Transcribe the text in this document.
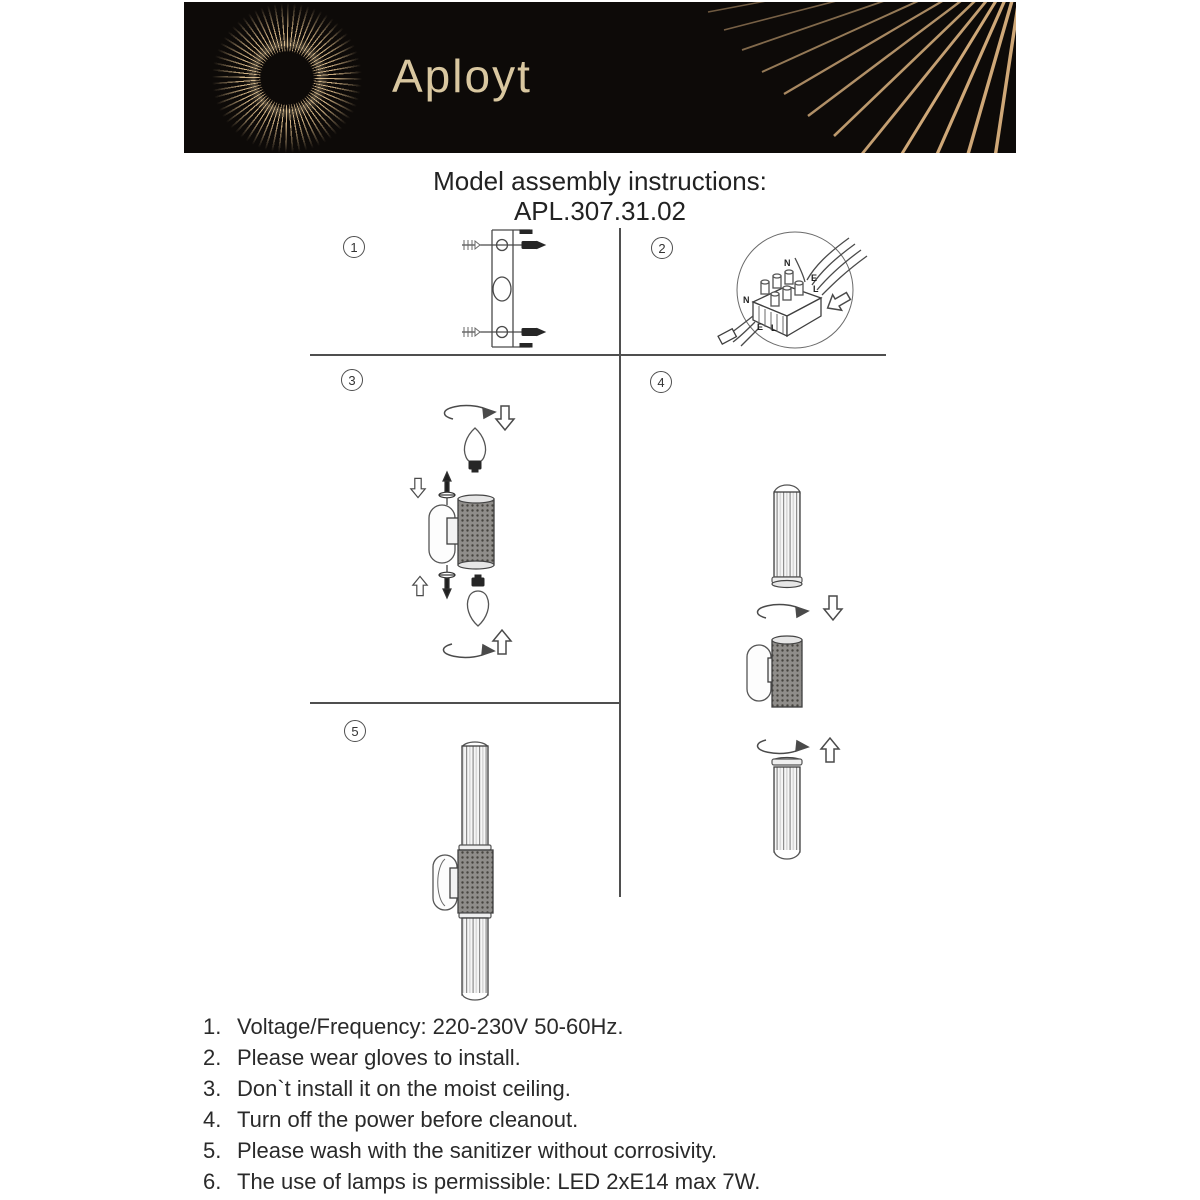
Aployt
Model assembly instructions:
APL.307.31.02
1	2
3	4
5
N
E
L
N
E L
1. Voltage/Frequency: 220-230V 50-60Hz.
2. Please wear gloves to install.
3. Don`t install it on the moist ceiling.
4. Turn off the power before cleanout.
5. Please wash with the sanitizer without corrosivity.
6. The use of lamps is permissible: LED 2xE14 max 7W.
